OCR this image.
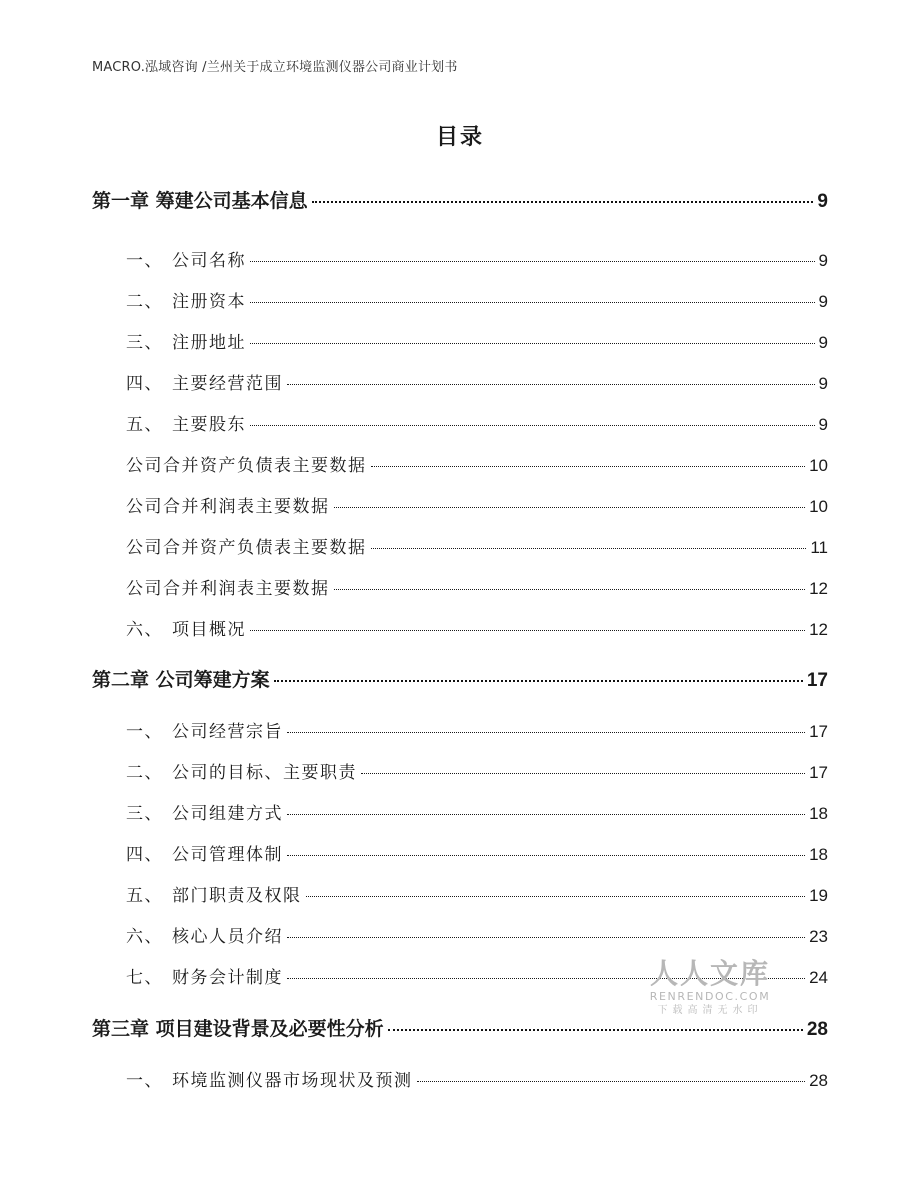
MACRO.泓域咨询 /兰州关于成立环境监测仪器公司商业计划书
目录
第一章 筹建公司基本信息	9
一、 公司名称	9
二、 注册资本	9
三、 注册地址	9
四、 主要经营范围	9
五、 主要股东	9
公司合并资产负债表主要数据	10
公司合并利润表主要数据	10
公司合并资产负债表主要数据	11
公司合并利润表主要数据	12
六、 项目概况	12
第二章 公司筹建方案	17
一、 公司经营宗旨	17
二、 公司的目标、主要职责	17
三、 公司组建方式	18
四、 公司管理体制	18
五、 部门职责及权限	19
六、 核心人员介绍	23
七、 财务会计制度	24
第三章 项目建设背景及必要性分析	28
一、 环境监测仪器市场现状及预测	28
人人文库
RENRENDOC.COM
下载高清无水印
